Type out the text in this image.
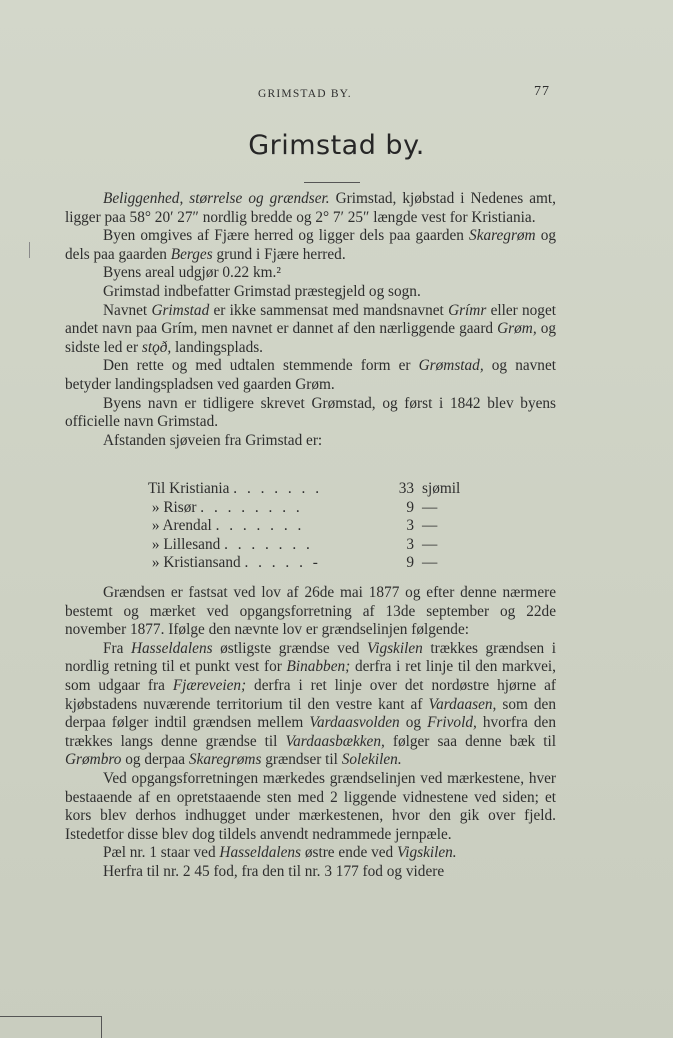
GRIMSTAD BY.	77
Grimstad by.

Beliggenhed, størrelse og grændser. Grimstad, kjøbstad i Nedenes amt, ligger paa 58° 20′ 27″ nordlig bredde og 2° 7′ 25″ længde vest for Kristiania.

Byen omgives af Fjære herred og ligger dels paa gaarden Skaregrøm og dels paa gaarden Berges grund i Fjære herred.

Byens areal udgjør 0.22 km.²

Grimstad indbefatter Grimstad præstegjeld og sogn.

Navnet Grimstad er ikke sammensat med mandsnavnet Grímr eller noget andet navn paa Grím, men navnet er dannet af den nærliggende gaard Grøm, og sidste led er stǫð, landingsplads.

Den rette og med udtalen stemmende form er Grømstad, og navnet betyder landingspladsen ved gaarden Grøm.

Byens navn er tidligere skrevet Grømstad, og først i 1842 blev byens officielle navn Grimstad.

Afstanden sjøveien fra Grimstad er:

Til Kristiania . . . . . . .	33 sjømil
» Risør . . . . . . . .	9 —
» Arendal . . . . . . .	3 —
» Lillesand . . . . . . .	3 —
» Kristiansand . . . . . -	9 —

Grændsen er fastsat ved lov af 26de mai 1877 og efter denne nærmere bestemt og mærket ved opgangsforretning af 13de september og 22de november 1877. Ifølge den nævnte lov er grændselinjen følgende:

Fra Hasseldalens østligste grændse ved Vigskilen trækkes grændsen i nordlig retning til et punkt vest for Binabben; derfra i ret linje til den markvei, som udgaar fra Fjæreveien; derfra i ret linje over det nordøstre hjørne af kjøbstadens nuværende territorium til den vestre kant af Vardaasen, som den derpaa følger indtil grændsen mellem Vardaasvolden og Frivold, hvorfra den trækkes langs denne grændse til Vardaasbækken, følger saa denne bæk til Grømbro og derpaa Skaregrøms grændser til Solekilen.

Ved opgangsforretningen mærkedes grændselinjen ved mærkestene, hver bestaaende af en opretstaaende sten med 2 liggende vidnestene ved siden; et kors blev derhos indhugget under mærkestenen, hvor den gik over fjeld. Istedetfor disse blev dog tildels anvendt nedrammede jernpæle.

Pæl nr. 1 staar ved Hasseldalens østre ende ved Vigskilen.

Herfra til nr. 2 45 fod, fra den til nr. 3 177 fod og videre
